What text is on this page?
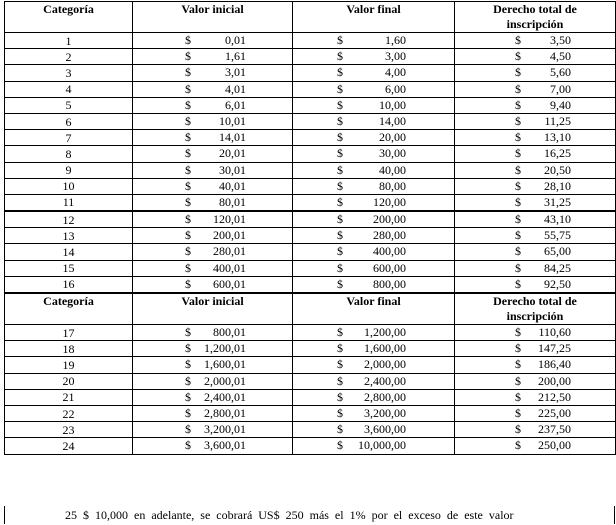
Categoría	Valor inicial	Valor final	Derecho total de
inscripción
1	$ 0,01	$ 1,60	$ 3,50

2	$ 1,61	$ 3,00	$ 4,50

3	$ 3,01	$ 4,00	$ 5,60

4	$ 4,01	$ 6,00	$ 7,00

5	$ 6,01	$ 10,00	$ 9,40

6	$ 10,01	$ 14,00	$ 11,25

7	$ 14,01	$ 20,00	$ 13,10

8	$ 20,01	$ 30,00	$ 16,25

9	$ 30,01	$ 40,00	$ 20,50

10	$ 40,01	$ 80,00	$ 28,10

11	$ 80,01	$ 120,00	$ 31,25

12	$ 120,01	$ 200,00	$ 43,10

13	$ 200,01	$ 280,00	$ 55,75

14	$ 280,01	$ 400,00	$ 65,00

15	$ 400,01	$ 600,00	$ 84,25

16	$ 600,01	$ 800,00	$ 92,50

Categoría	Valor inicial	Valor final	Derecho total de
inscripción
17	$ 800,01	$ 1,200,00	$ 110,60

18	$ 1,200,01	$ 1,600,00	$ 147,25

19	$ 1,600,01	$ 2,000,00	$ 186,40

20	$ 2,000,01	$ 2,400,00	$ 200,00

21	$ 2,400,01	$ 2,800,00	$ 212,50

22	$ 2,800,01	$ 3,200,00	$ 225,00

23	$ 3,200,01	$ 3,600,00	$ 237,50

24	$ 3,600,01	$ 10,000,00	$ 250,00
25 $ 10,000 en adelante, se cobrará US$ 250 más el 1% por el exceso de este valor
